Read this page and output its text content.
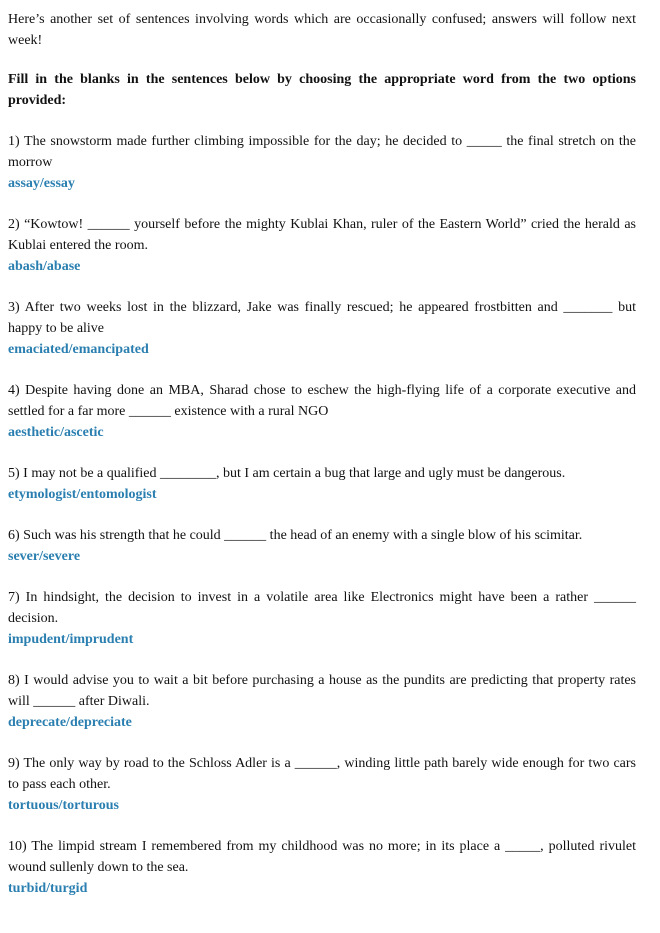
Here’s another set of sentences involving words which are occasionally confused; answers will follow next week!

Fill in the blanks in the sentences below by choosing the appropriate word from the two options provided:

1) The snowstorm made further climbing impossible for the day; he decided to _____ the final stretch on the morrow

assay/essay

2) “Kowtow! ______ yourself before the mighty Kublai Khan, ruler of the Eastern World” cried the herald as Kublai entered the room.

abash/abase

3) After two weeks lost in the blizzard, Jake was finally rescued; he appeared frostbitten and _______ but happy to be alive

emaciated/emancipated

4) Despite having done an MBA, Sharad chose to eschew the high-flying life of a corporate executive and settled for a far more ______ existence with a rural NGO

aesthetic/ascetic

5) I may not be a qualified ________, but I am certain a bug that large and ugly must be dangerous.

etymologist/entomologist

6) Such was his strength that he could ______ the head of an enemy with a single blow of his scimitar.

sever/severe

7) In hindsight, the decision to invest in a volatile area like Electronics might have been a rather ______ decision.

impudent/imprudent

8) I would advise you to wait a bit before purchasing a house as the pundits are predicting that property rates will ______ after Diwali.

deprecate/depreciate

9) The only way by road to the Schloss Adler is a ______, winding little path barely wide enough for two cars to pass each other.

tortuous/torturous

10) The limpid stream I remembered from my childhood was no more; in its place a _____, polluted rivulet wound sullenly down to the sea.

turbid/turgid
